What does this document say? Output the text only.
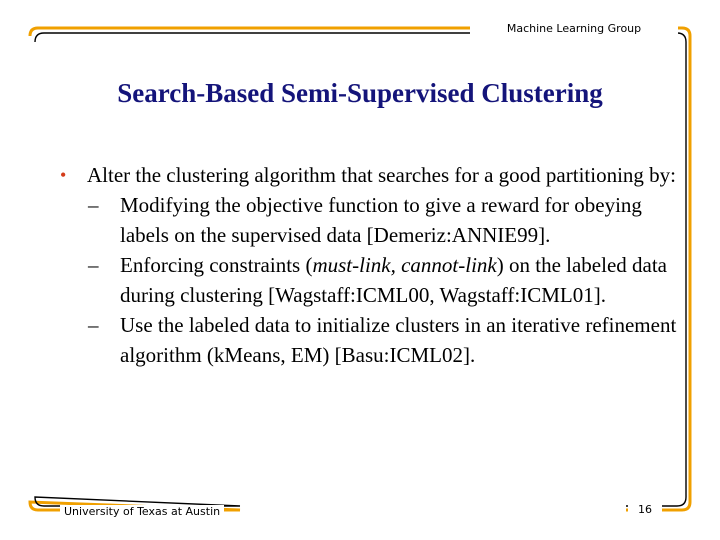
Machine Learning Group
Search-Based Semi-Supervised Clustering
• Alter the clustering algorithm that searches for a good partitioning by:
– Modifying the objective function to give a reward for obeying labels on the supervised data [Demeriz:ANNIE99].
– Enforcing constraints (must-link, cannot-link) on the labeled data during clustering [Wagstaff:ICML00, Wagstaff:ICML01].
– Use the labeled data to initialize clusters in an iterative refinement algorithm (kMeans, EM) [Basu:ICML02].
University of Texas at Austin	16
